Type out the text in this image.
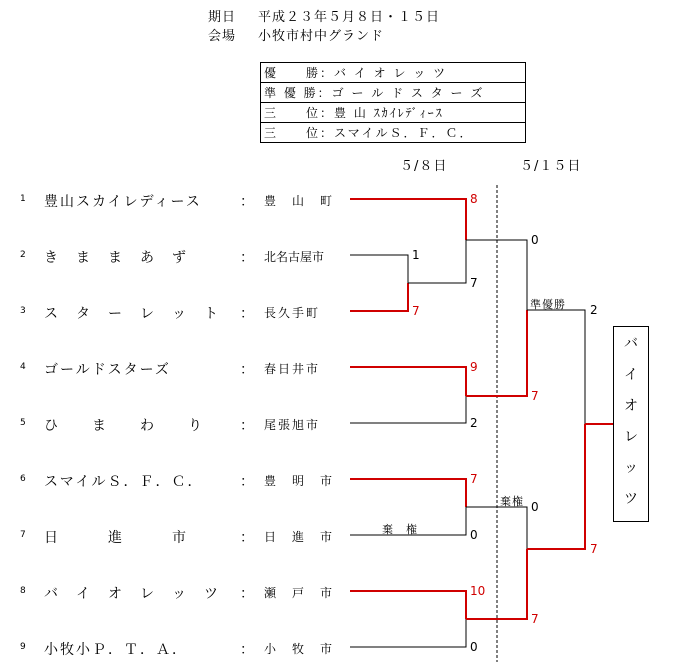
期日 平成２３年５月８日・１５日
会場 小牧市村中グランド
優　　勝：バ イ オ レ ッ ツ
準 優 勝：ゴ ー ル ド ス タ ー ズ
三　　位：豊 山 ｽｶｲﾚﾃﾞｨｰｽ
三　　位：スマイルＳ．Ｆ．Ｃ．
５/８日	５/１５日
1 豊山スカイレディース	： 豊　山　町
2 き　ま　ま　あ　ず	： 北名古屋市
3 ス　タ　ー　レ　ッ　ト ： 長久手町
4 ゴールドスターズ	： 春日井市
5 ひ　　ま　　わ　　り	： 尾張旭市
6 スマイルＳ．Ｆ．Ｃ．	： 豊　明　市
7 日　　　進　　　市	： 日　進　市
8 バ　イ　オ　レ　ッ　ツ ： 瀬　戸　市
9 小牧小Ｐ．Ｔ．Ａ．	： 小　牧　市
8
1
7
7
9
2
7
0
10
0
0
7
0
7
2
7
棄　権
棄権
準優勝
バ
イ
オ
レ
ッ
ツ
